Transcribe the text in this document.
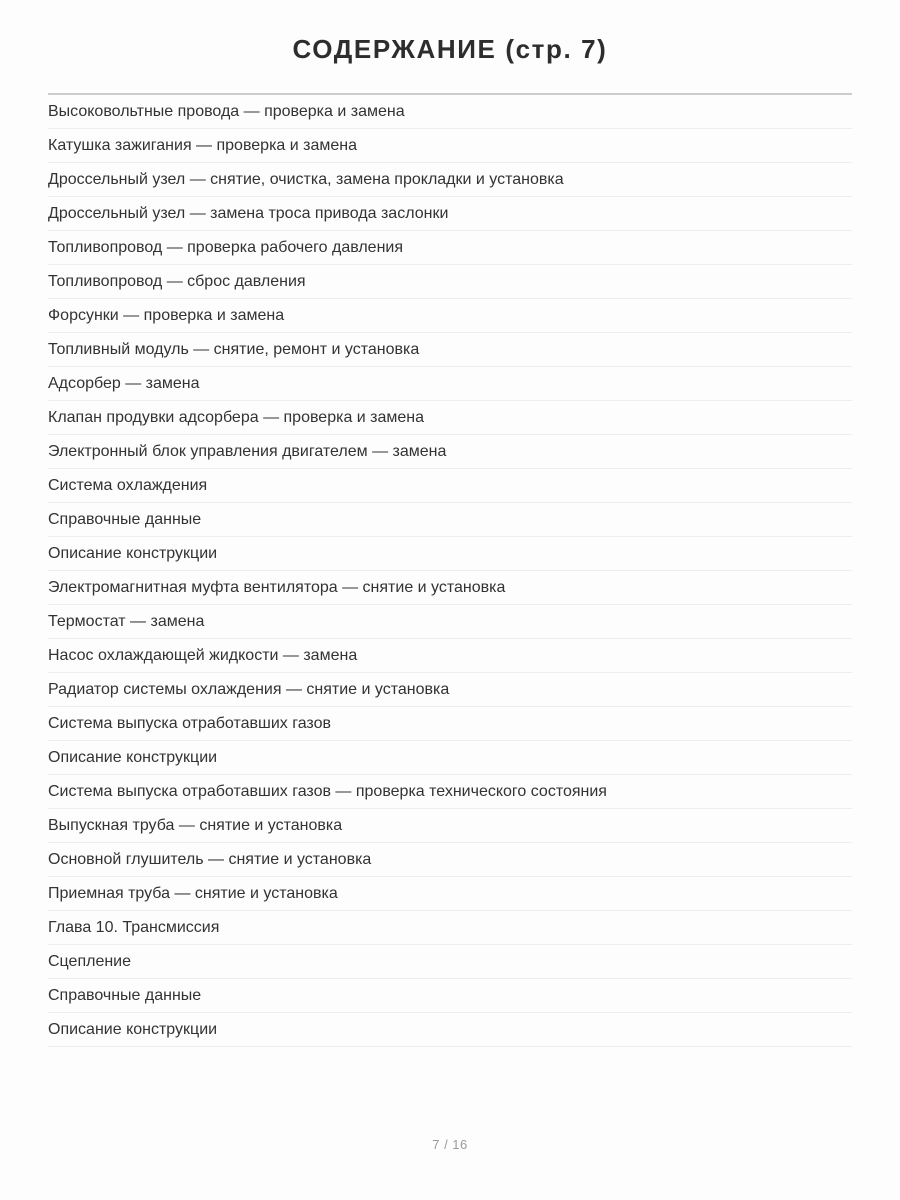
СОДЕРЖАНИЕ (стр. 7)
Высоковольтные провода — проверка и замена
Катушка зажигания — проверка и замена
Дроссельный узел — снятие, очистка, замена прокладки и установка
Дроссельный узел — замена троса привода заслонки
Топливопровод — проверка рабочего давления
Топливопровод — сброс давления
Форсунки — проверка и замена
Топливный модуль — снятие, ремонт и установка
Адсорбер — замена
Клапан продувки адсорбера — проверка и замена
Электронный блок управления двигателем — замена
Система охлаждения
Справочные данные
Описание конструкции
Электромагнитная муфта вентилятора — снятие и установка
Термостат — замена
Насос охлаждающей жидкости — замена
Радиатор системы охлаждения — снятие и установка
Система выпуска отработавших газов
Описание конструкции
Система выпуска отработавших газов — проверка технического состояния
Выпускная труба — снятие и установка
Основной глушитель — снятие и установка
Приемная труба — снятие и установка
Глава 10. Трансмиссия
Сцепление
Справочные данные
Описание конструкции
7 / 16
